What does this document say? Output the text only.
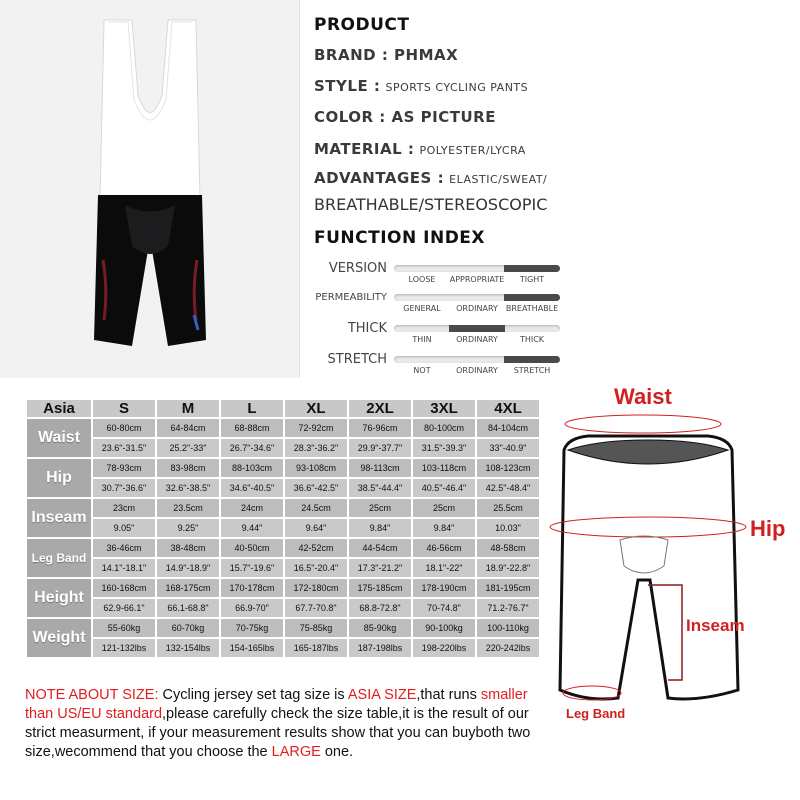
PRODUCT
BRAND : PHMAX
STYLE : SPORTS CYCLING PANTS
COLOR : AS PICTURE
MATERIAL : POLYESTER/LYCRA
ADVANTAGES : ELASTIC/SWEAT/
BREATHABLE/STEREOSCOPIC
FUNCTION INDEX
VERSION
LOOSE APPROPRIATE TIGHT
PERMEABILITY
GENERAL ORDINARY BREATHABLE
THICK
THIN	ORDINARY	THICK
STRETCH
NOT	ORDINARY STRETCH
Asia	S	M	L	XL	2XL	3XL	4XL
Waist	60-80cm	64-84cm	68-88cm	72-92cm	76-96cm	80-100cm	84-104cm
	23.6"-31.5"	25.2"-33"	26.7"-34.6"	28.3"-36.2"	29.9"-37.7"	31.5"-39.3"	33"-40.9"
Hip	78-93cm	83-98cm	88-103cm	93-108cm	98-113cm	103-118cm	108-123cm
	30.7"-36.6"	32.6"-38.5"	34.6"-40.5"	36.6"-42.5"	38.5"-44.4"	40.5"-46.4"	42.5"-48.4"
Inseam	23cm	23.5cm	24cm	24.5cm	25cm	25cm	25.5cm
	9.05"	9.25"	9.44"	9.64"	9.84"	9.84"	10.03"
Leg Band	36-46cm	38-48cm	40-50cm	42-52cm	44-54cm	46-56cm	48-58cm
	14.1"-18.1"	14.9"-18.9"	15.7"-19.6"	16.5"-20.4"	17.3"-21.2"	18.1"-22"	18.9"-22.8"
Height	160-168cm	168-175cm	170-178cm	172-180cm	175-185cm	178-190cm	181-195cm
	62.9-66.1"	66.1-68.8"	66.9-70"	67.7-70.8"	68.8-72.8"	70-74.8"	71.2-76.7"
Weight	55-60kg	60-70kg	70-75kg	75-85kg	85-90kg	90-100kg	100-110kg
	121-132lbs	132-154lbs	154-165lbs	165-187lbs	187-198lbs	198-220lbs	220-242lbs
NOTE ABOUT SIZE: Cycling jersey set tag size is ASIA SIZE,that runs smaller than US/EU standard,please carefully check the size table,it is the result of our strict measurment, if your measurement results show that you can buyboth two size,wecommend that you choose the LARGE one.
Waist
Hip
Inseam
Leg Band
